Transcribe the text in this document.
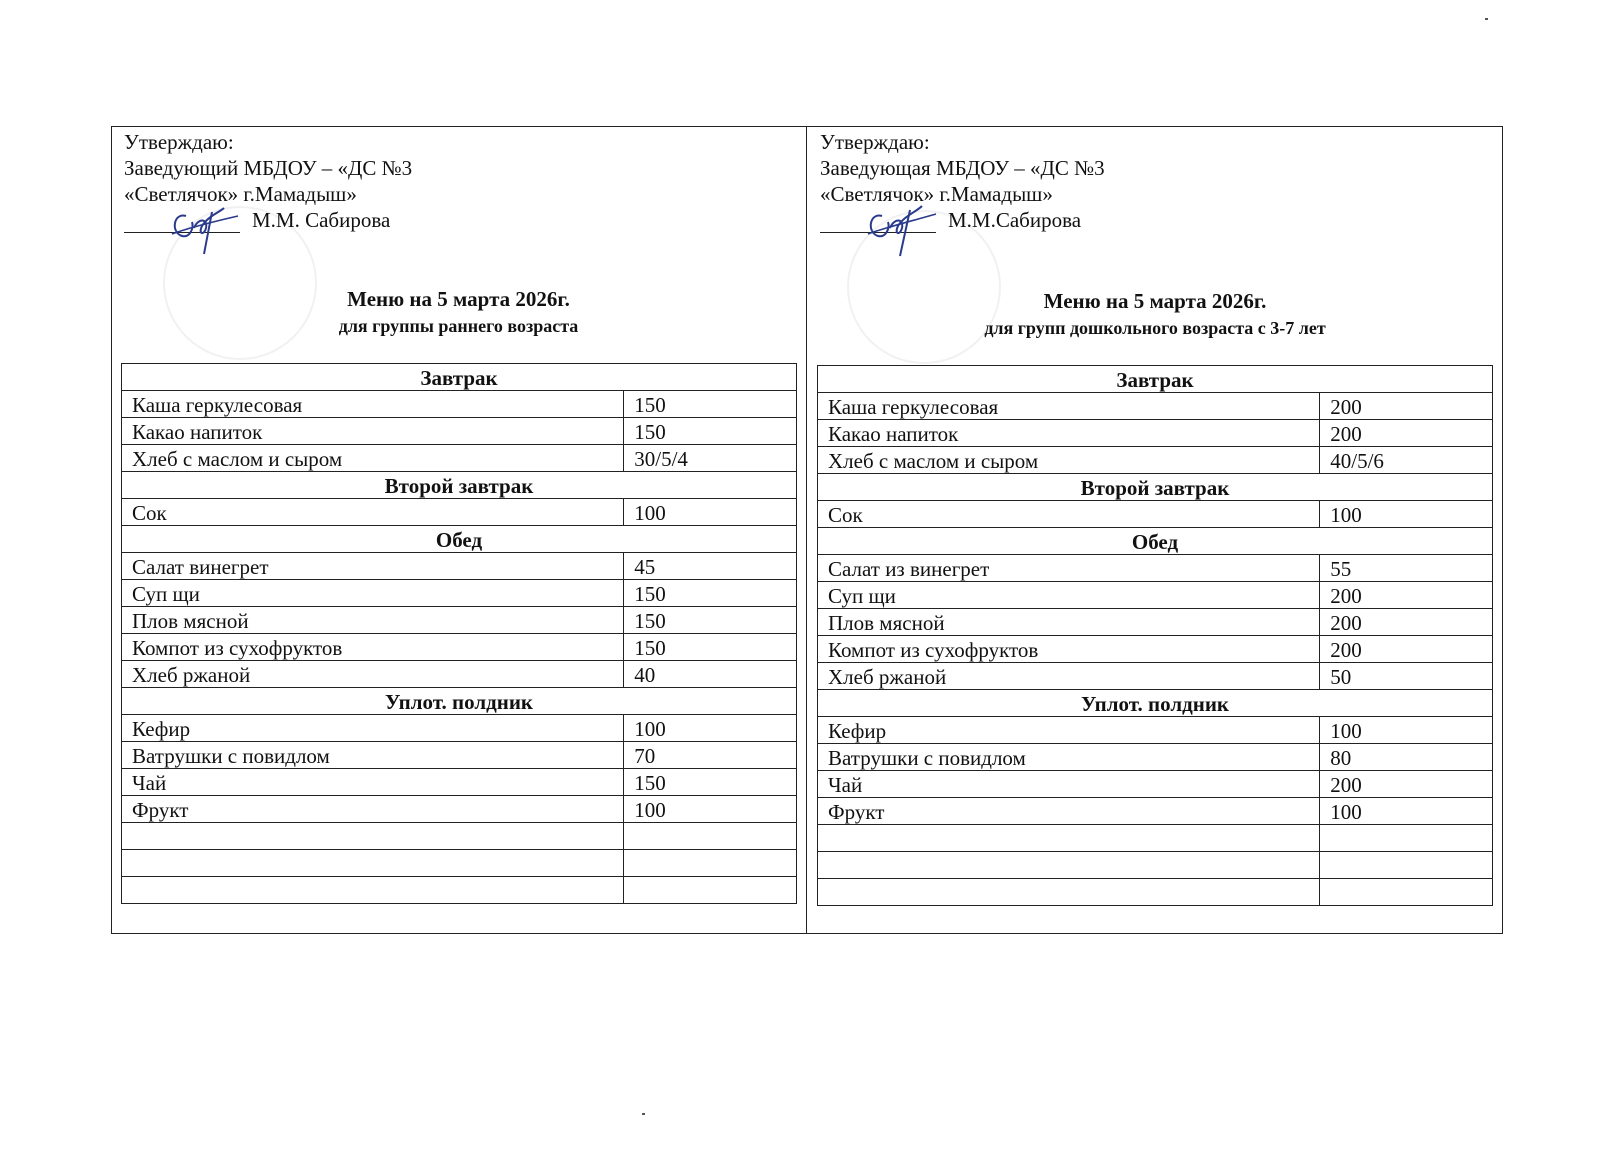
Утверждаю:
Заведующий МБДОУ – «ДС №3
«Светлячок» г.Мамадыш»
М.М. Сабирова
Меню на 5 марта 2026г.
для группы раннего возраста
Завтрак	
Каша геркулесовая	150
Какао напиток	150
Хлеб с маслом и сыром	30/5/4
Второй завтрак	
Сок	100
Обед	
Салат винегрет	45
Суп щи	150
Плов мясной	150
Компот из сухофруктов	150
Хлеб ржаной	40
Уплот. полдник	
Кефир	100
Ватрушки с повидлом	70
Чай	150
Фрукт	100

Утверждаю:
Заведующая МБДОУ – «ДС №3
«Светлячок» г.Мамадыш»
М.М.Сабирова
Меню на 5 марта 2026г.
для групп дошкольного возраста с 3-7 лет
Завтрак	
Каша геркулесовая	200
Какао напиток	200
Хлеб с маслом и сыром	40/5/6
Второй завтрак	
Сок	100
Обед	
Салат из винегрет	55
Суп щи	200
Плов мясной	200
Компот из сухофруктов	200
Хлеб ржаной	50
Уплот. полдник	
Кефир	100
Ватрушки с повидлом	80
Чай	200
Фрукт	100
